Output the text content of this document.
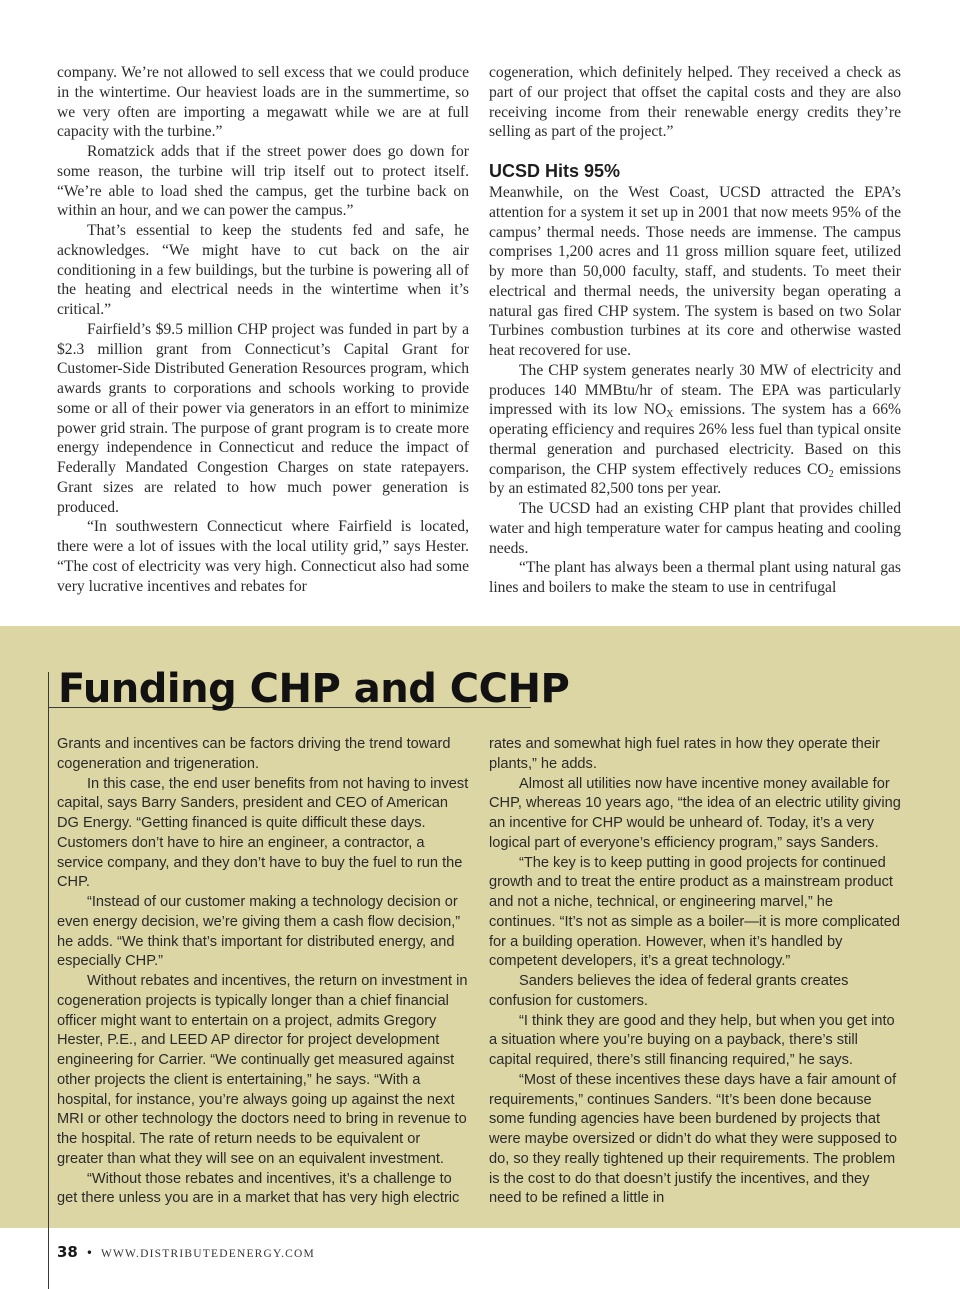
company. We’re not allowed to sell excess that we could produce in the wintertime. Our heaviest loads are in the summertime, so we very often are importing a megawatt while we are at full capacity with the turbine.”

Romatzick adds that if the street power does go down for some reason, the turbine will trip itself out to protect itself. “We’re able to load shed the campus, get the turbine back on within an hour, and we can power the campus.”

That’s essential to keep the students fed and safe, he acknowledges. “We might have to cut back on the air conditioning in a few buildings, but the turbine is powering all of the heating and electrical needs in the wintertime when it’s critical.”

Fairfield’s $9.5 million CHP project was funded in part by a $2.3 million grant from Connecticut’s Capital Grant for Customer-Side Distributed Generation Resources program, which awards grants to corporations and schools working to provide some or all of their power via generators in an effort to minimize power grid strain. The purpose of grant program is to create more energy independence in Connecticut and reduce the impact of Federally Mandated Congestion Charges on state ratepayers. Grant sizes are related to how much power generation is produced.

“In southwestern Connecticut where Fairfield is located, there were a lot of issues with the local utility grid,” says Hester. “The cost of electricity was very high. Connecticut also had some very lucrative incentives and rebates for

cogeneration, which definitely helped. They received a check as part of our project that offset the capital costs and they are also receiving income from their renewable energy credits they’re selling as part of the project.”

UCSD Hits 95%

Meanwhile, on the West Coast, UCSD attracted the EPA’s attention for a system it set up in 2001 that now meets 95% of the campus’ thermal needs. Those needs are immense. The campus comprises 1,200 acres and 11 gross million square feet, utilized by more than 50,000 faculty, staff, and students. To meet their electrical and thermal needs, the university began operating a natural gas fired CHP system. The system is based on two Solar Turbines combustion turbines at its core and otherwise wasted heat recovered for use.

The CHP system generates nearly 30 MW of electricity and produces 140 MMBtu/hr of steam. The EPA was particularly impressed with its low $NO_X$ emissions. The system has a 66% operating efficiency and requires 26% less fuel than typical onsite thermal generation and purchased electricity. Based on this comparison, the CHP system effectively reduces $CO_2$ emissions by an estimated 82,500 tons per year.

The UCSD had an existing CHP plant that provides chilled water and high temperature water for campus heating and cooling needs.

“The plant has always been a thermal plant using natural gas lines and boilers to make the steam to use in centrifugal

Funding CHP and CCHP

Grants and incentives can be factors driving the trend toward cogeneration and trigeneration.

In this case, the end user benefits from not having to invest capital, says Barry Sanders, president and CEO of American DG Energy. “Getting financed is quite difficult these days. Customers don’t have to hire an engineer, a contractor, a service company, and they don’t have to buy the fuel to run the CHP.

“Instead of our customer making a technology decision or even energy decision, we’re giving them a cash flow decision,” he adds. “We think that’s important for distributed energy, and especially CHP.”

Without rebates and incentives, the return on investment in cogeneration projects is typically longer than a chief financial officer might want to entertain on a project, admits Gregory Hester, P.E., and LEED AP director for project development engineering for Carrier. “We continually get measured against other projects the client is entertaining,” he says. “With a hospital, for instance, you’re always going up against the next MRI or other technology the doctors need to bring in revenue to the hospital. The rate of return needs to be equivalent or greater than what they will see on an equivalent investment.

“Without those rebates and incentives, it’s a challenge to get there unless you are in a market that has very high electric

rates and somewhat high fuel rates in how they operate their plants,” he adds.

Almost all utilities now have incentive money available for CHP, whereas 10 years ago, “the idea of an electric utility giving an incentive for CHP would be unheard of. Today, it’s a very logical part of everyone’s efficiency program,” says Sanders.

“The key is to keep putting in good projects for continued growth and to treat the entire product as a mainstream product and not a niche, technical, or engineering marvel,” he continues. “It’s not as simple as a boiler—it is more complicated for a building operation. However, when it’s handled by competent developers, it’s a great technology.”

Sanders believes the idea of federal grants creates confusion for customers.

“I think they are good and they help, but when you get into a situation where you’re buying on a payback, there’s still capital required, there’s still financing required,” he says.

“Most of these incentives these days have a fair amount of requirements,” continues Sanders. “It’s been done because some funding agencies have been burdened by projects that were maybe oversized or didn’t do what they were supposed to do, so they really tightened up their requirements. The problem is the cost to do that doesn’t justify the incentives, and they need to be refined a little in

38 • WWW.DISTRIBUTEDENERGY.COM
